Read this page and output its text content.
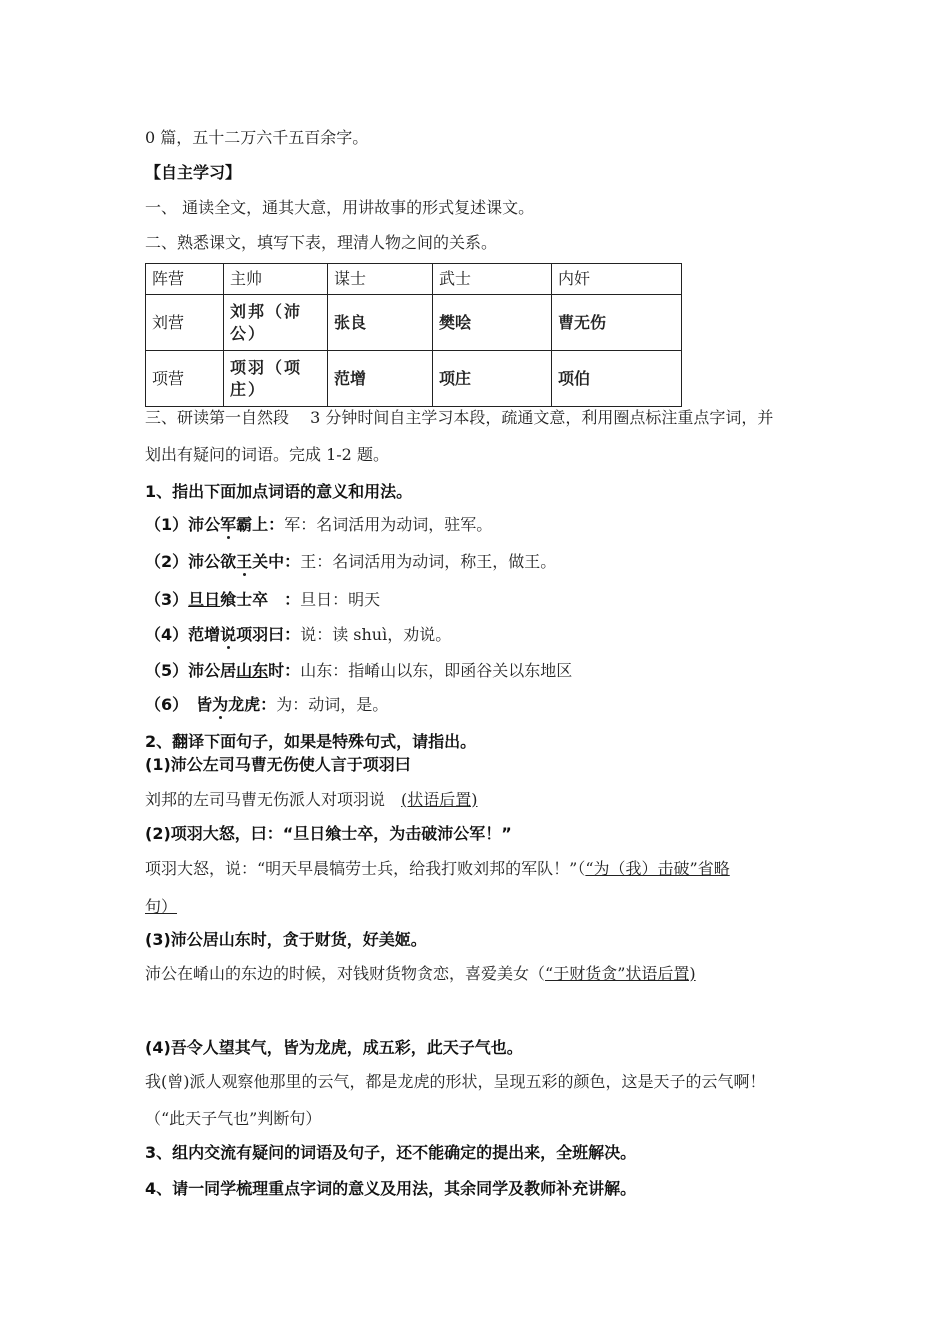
0 篇，五十二万六千五百余字。
【自主学习】
一、 通读全文，通其大意，用讲故事的形式复述课文。
二、熟悉课文，填写下表，理清人物之间的关系。
阵营	主帅	谋士	武士	内奸
刘营	刘邦（沛公）	张良	樊哙	曹无伤
项营	项羽（项庄）	范增	项庄	项伯
三、研读第一自然段　 3 分钟时间自主学习本段，疏通文意，利用圈点标注重点字词，并
划出有疑问的词语。完成 1-2 题。
1、指出下面加点词语的意义和用法。
（1）沛公军霸上：军：名词活用为动词，驻军。
（2）沛公欲王关中：王：名词活用为动词，称王，做王。
（3）旦日飨士卒　：旦日：明天
（4）范增说项羽曰：说：读 shuì，劝说。
（5）沛公居山东时：山东：指崤山以东，即函谷关以东地区
（6）　皆为龙虎：为：动词，是。
2、翻译下面句子，如果是特殊句式，请指出。
(1)沛公左司马曹无伤使人言于项羽曰
刘邦的左司马曹无伤派人对项羽说　(状语后置)
(2)项羽大怒，曰：“旦日飨士卒，为击破沛公军！”
项羽大怒，说：“明天早晨犒劳士兵，给我打败刘邦的军队！”（“为（我）击破”省略
句）
(3)沛公居山东时，贪于财货，好美姬。
沛公在崤山的东边的时候，对钱财货物贪恋，喜爱美女（“于财货贪”状语后置)
(4)吾令人望其气，皆为龙虎，成五彩，此天子气也。
我(曾)派人观察他那里的云气，都是龙虎的形状，呈现五彩的颜色，这是天子的云气啊！
（“此天子气也”判断句）
3、组内交流有疑问的词语及句子，还不能确定的提出来，全班解决。
4、请一同学梳理重点字词的意义及用法，其余同学及教师补充讲解。
